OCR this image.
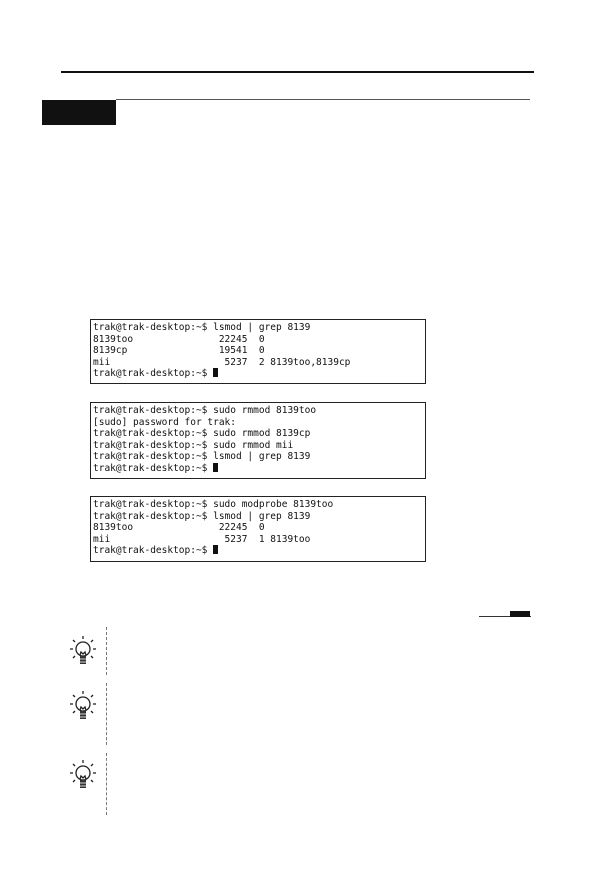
trak@trak-desktop:~$ lsmod | grep 8139
8139too               22245  0
8139cp                19541  0
mii                    5237  2 8139too,8139cp
trak@trak-desktop:~$
trak@trak-desktop:~$ sudo rmmod 8139too
[sudo] password for trak:
trak@trak-desktop:~$ sudo rmmod 8139cp
trak@trak-desktop:~$ sudo rmmod mii
trak@trak-desktop:~$ lsmod | grep 8139
trak@trak-desktop:~$
trak@trak-desktop:~$ sudo modprobe 8139too
trak@trak-desktop:~$ lsmod | grep 8139
8139too               22245  0
mii                    5237  1 8139too
trak@trak-desktop:~$
